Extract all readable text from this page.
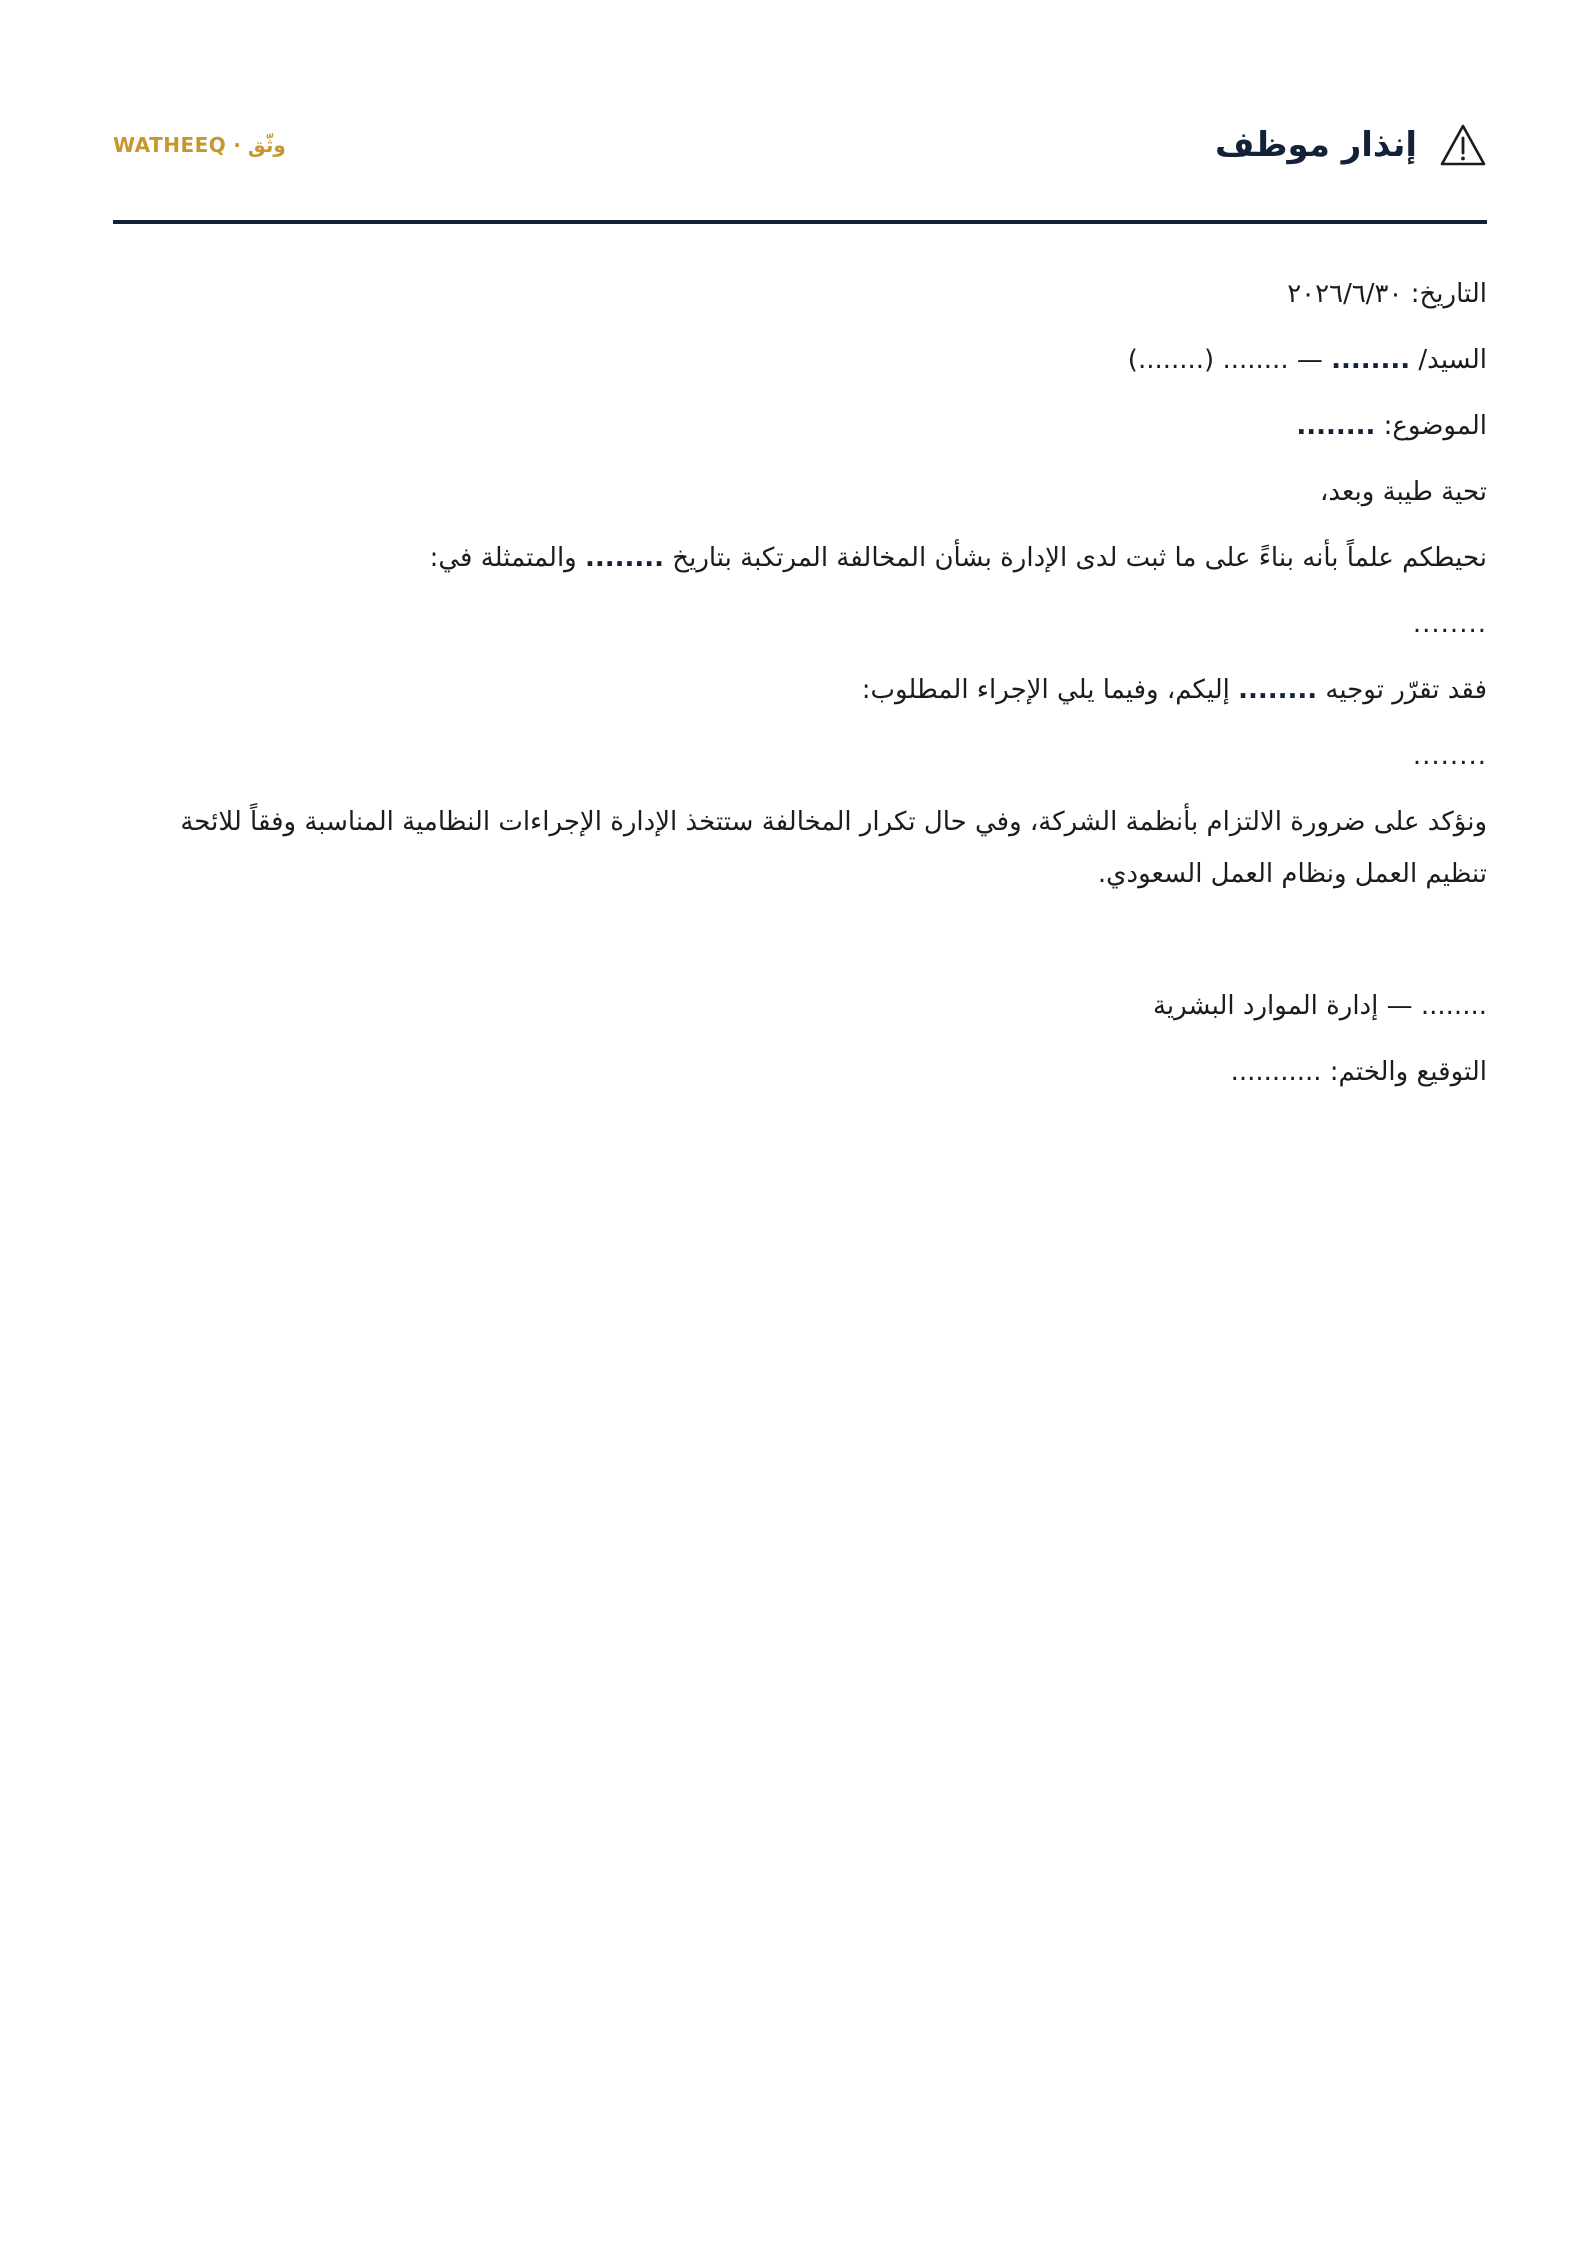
إنذار موظف
وثّق · WATHEEQ
التاريخ: ٢٠٢٦/٦/٣٠
السيد/ ........ — ........ (........)
الموضوع: ........
تحية طيبة وبعد،
نحيطكم علماً بأنه بناءً على ما ثبت لدى الإدارة بشأن المخالفة المرتكبة بتاريخ ........ والمتمثلة في:
........
فقد تقرّر توجيه ........ إليكم، وفيما يلي الإجراء المطلوب:
........
ونؤكد على ضرورة الالتزام بأنظمة الشركة، وفي حال تكرار المخالفة ستتخذ الإدارة الإجراءات النظامية المناسبة وفقاً للائحة تنظيم العمل ونظام العمل السعودي.
........ — إدارة الموارد البشرية
التوقيع والختم: ...........
